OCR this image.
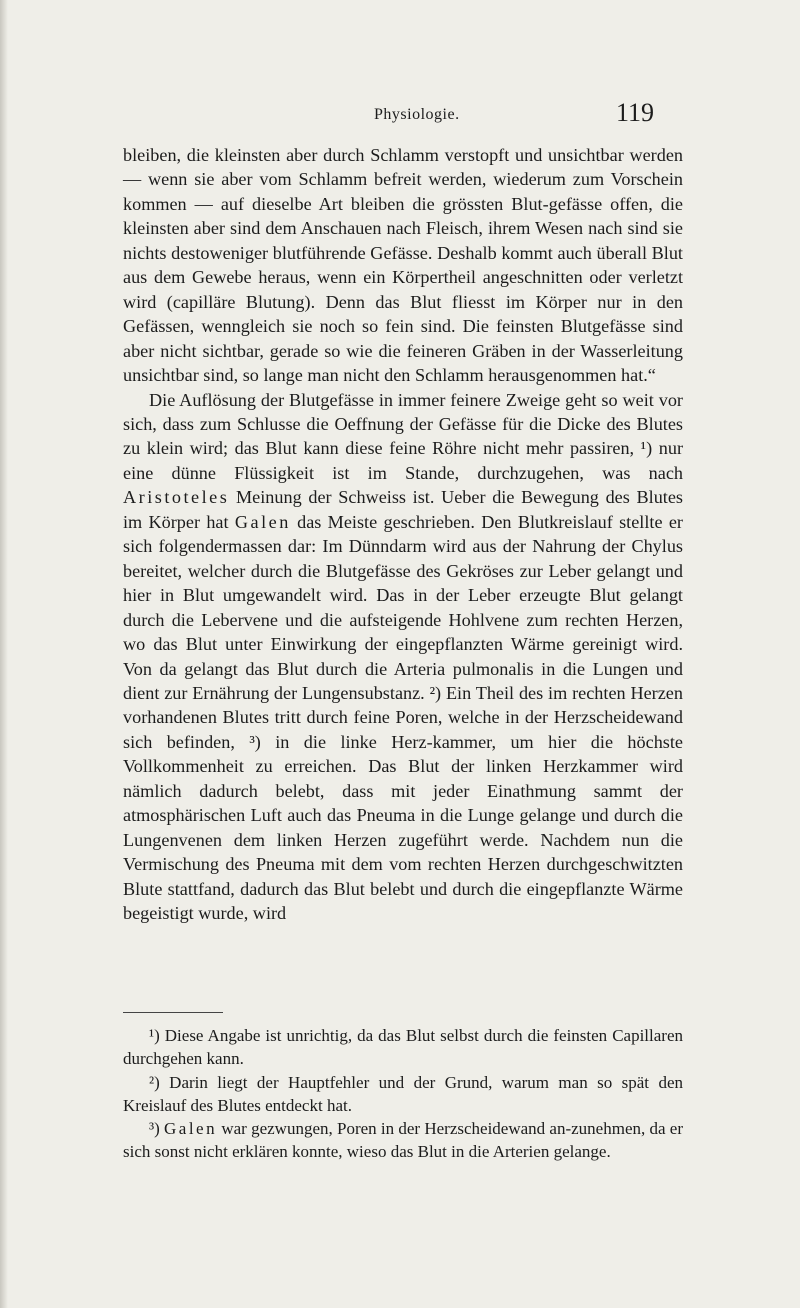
Physiologie.	119

bleiben, die kleinsten aber durch Schlamm verstopft und unsichtbar werden — wenn sie aber vom Schlamm befreit werden, wiederum zum Vorschein kommen — auf dieselbe Art bleiben die grössten Blut-gefässe offen, die kleinsten aber sind dem Anschauen nach Fleisch, ihrem Wesen nach sind sie nichts destoweniger blutführende Gefässe. Deshalb kommt auch überall Blut aus dem Gewebe heraus, wenn ein Körpertheil angeschnitten oder verletzt wird (capilläre Blutung). Denn das Blut fliesst im Körper nur in den Gefässen, wenngleich sie noch so fein sind. Die feinsten Blutgefässe sind aber nicht sichtbar, gerade so wie die feineren Gräben in der Wasserleitung unsichtbar sind, so lange man nicht den Schlamm herausgenommen hat.“

Die Auflösung der Blutgefässe in immer feinere Zweige geht so weit vor sich, dass zum Schlusse die Oeffnung der Gefässe für die Dicke des Blutes zu klein wird; das Blut kann diese feine Röhre nicht mehr passiren, ¹) nur eine dünne Flüssigkeit ist im Stande, durchzugehen, was nach Aristoteles Meinung der Schweiss ist. Ueber die Bewegung des Blutes im Körper hat Galen das Meiste geschrieben. Den Blutkreislauf stellte er sich folgendermassen dar: Im Dünndarm wird aus der Nahrung der Chylus bereitet, welcher durch die Blutgefässe des Gekröses zur Leber gelangt und hier in Blut umgewandelt wird. Das in der Leber erzeugte Blut gelangt durch die Lebervene und die aufsteigende Hohlvene zum rechten Herzen, wo das Blut unter Einwirkung der eingepflanzten Wärme gereinigt wird. Von da gelangt das Blut durch die Arteria pulmonalis in die Lungen und dient zur Ernährung der Lungensubstanz. ²) Ein Theil des im rechten Herzen vorhandenen Blutes tritt durch feine Poren, welche in der Herzscheidewand sich befinden, ³) in die linke Herz-kammer, um hier die höchste Vollkommenheit zu erreichen. Das Blut der linken Herzkammer wird nämlich dadurch belebt, dass mit jeder Einathmung sammt der atmosphärischen Luft auch das Pneuma in die Lunge gelange und durch die Lungenvenen dem linken Herzen zugeführt werde. Nachdem nun die Vermischung des Pneuma mit dem vom rechten Herzen durchgeschwitzten Blute stattfand, dadurch das Blut belebt und durch die eingepflanzte Wärme begeistigt wurde, wird

¹) Diese Angabe ist unrichtig, da das Blut selbst durch die feinsten Capillaren durchgehen kann.

²) Darin liegt der Hauptfehler und der Grund, warum man so spät den Kreislauf des Blutes entdeckt hat.

³) Galen war gezwungen, Poren in der Herzscheidewand an-zunehmen, da er sich sonst nicht erklären konnte, wieso das Blut in die Arterien gelange.
